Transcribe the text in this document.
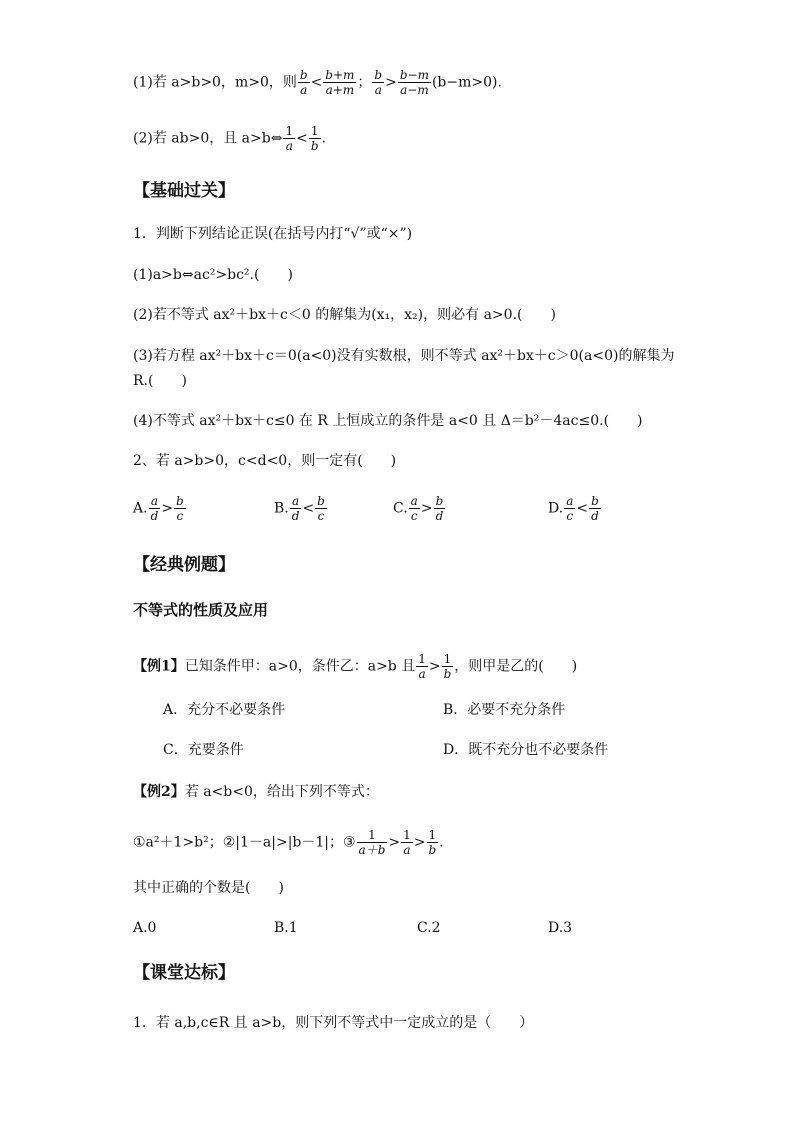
(1)若 a>b>0，m>0，则 $\frac{b}{a} < \frac{b+m}{a+m}$ ； $\frac{b}{a} > \frac{b-m}{a-m} (b-m>0)$.
(2)若 ab>0，且 a>b⇔ $\frac{1}{a} < \frac{1}{b}$ .
【基础过关】
1．判断下列结论正误(在括号内打“√”或“×”)
(1)a>b⇔ac²>bc².(　　)
(2)若不等式 ax²＋bx＋c＜0 的解集为(x₁，x₂)，则必有 a>0.(　　)
(3)若方程 ax²＋bx＋c＝0(a<0)没有实数根，则不等式 ax²＋bx＋c＞0(a<0)的解集为
R.(　　)
(4)不等式 ax²＋bx＋c≤0 在 R 上恒成立的条件是 a<0 且 Δ＝b²－4ac≤0.(　　)
2、若 a>b>0，c<d<0，则一定有(　　)
A. $\frac{a}{d} > \frac{b}{c}$	B. $\frac{a}{d} < \frac{b}{c}$	C. $\frac{a}{c} > \frac{b}{d}$	D. $\frac{a}{c} < \frac{b}{d}$
【经典例题】
不等式的性质及应用
【例1】已知条件甲：a>0，条件乙：a>b 且 $\frac{1}{a} > \frac{1}{b}$ ，则甲是乙的(　　)
A．充分不必要条件	B．必要不充分条件
C．充要条件	D．既不充分也不必要条件
【例2】若 a<b<0，给出下列不等式：
①a²＋1>b²；②|1－a|>|b－1|；③ $\frac{1}{a+b} > \frac{1}{a} > \frac{1}{b}$ .
其中正确的个数是(　　)
A.0	B.1	C.2	D.3
【课堂达标】
1．若 a,b,c∈R 且 a>b，则下列不等式中一定成立的是（　　）
